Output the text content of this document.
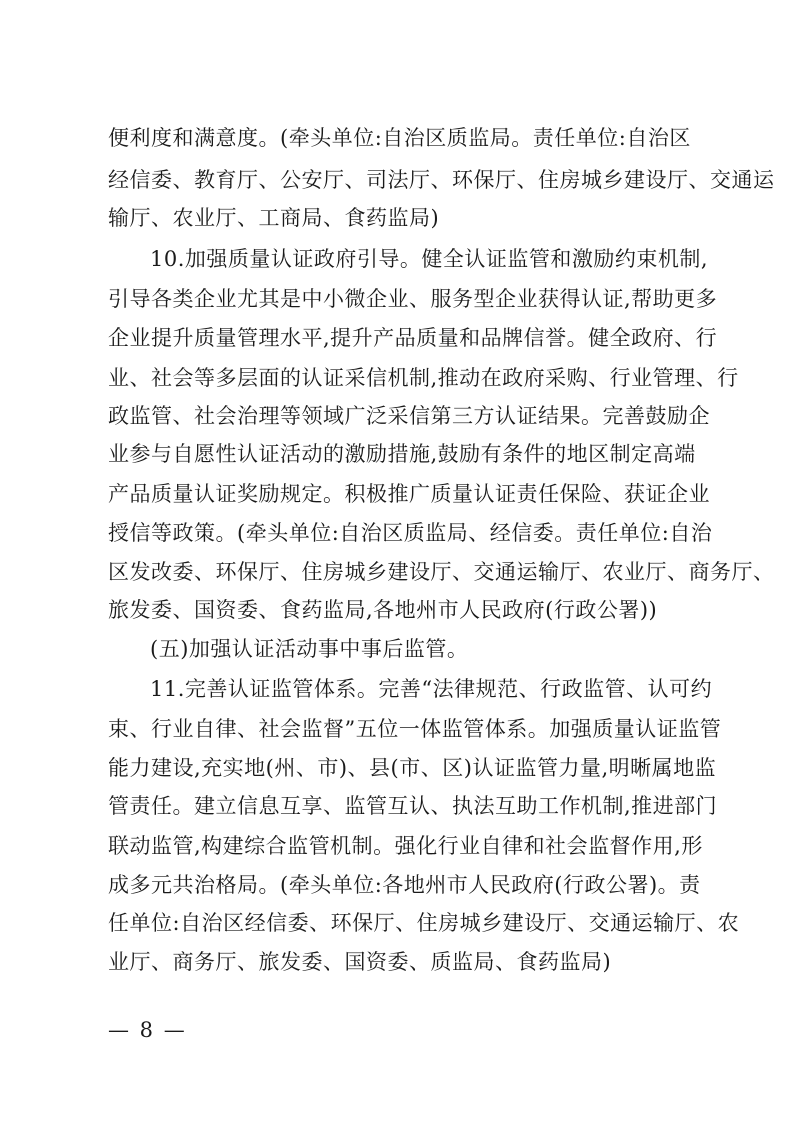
便利度和满意度。(牵头单位:自治区质监局。责任单位:自治区
经信委、教育厅、公安厅、司法厅、环保厅、住房城乡建设厅、交通运
输厅、农业厅、工商局、食药监局)
10.加强质量认证政府引导。健全认证监管和激励约束机制,
引导各类企业尤其是中小微企业、服务型企业获得认证,帮助更多
企业提升质量管理水平,提升产品质量和品牌信誉。健全政府、行
业、社会等多层面的认证采信机制,推动在政府采购、行业管理、行
政监管、社会治理等领域广泛采信第三方认证结果。完善鼓励企
业参与自愿性认证活动的激励措施,鼓励有条件的地区制定高端
产品质量认证奖励规定。积极推广质量认证责任保险、获证企业
授信等政策。(牵头单位:自治区质监局、经信委。责任单位:自治
区发改委、环保厅、住房城乡建设厅、交通运输厅、农业厅、商务厅、
旅发委、国资委、食药监局,各地州市人民政府(行政公署))
(五)加强认证活动事中事后监管。
11.完善认证监管体系。完善“法律规范、行政监管、认可约
束、行业自律、社会监督”五位一体监管体系。加强质量认证监管
能力建设,充实地(州、市)、县(市、区)认证监管力量,明晰属地监
管责任。建立信息互享、监管互认、执法互助工作机制,推进部门
联动监管,构建综合监管机制。强化行业自律和社会监督作用,形
成多元共治格局。(牵头单位:各地州市人民政府(行政公署)。责
任单位:自治区经信委、环保厅、住房城乡建设厅、交通运输厅、农
业厅、商务厅、旅发委、国资委、质监局、食药监局)
— 8 —
